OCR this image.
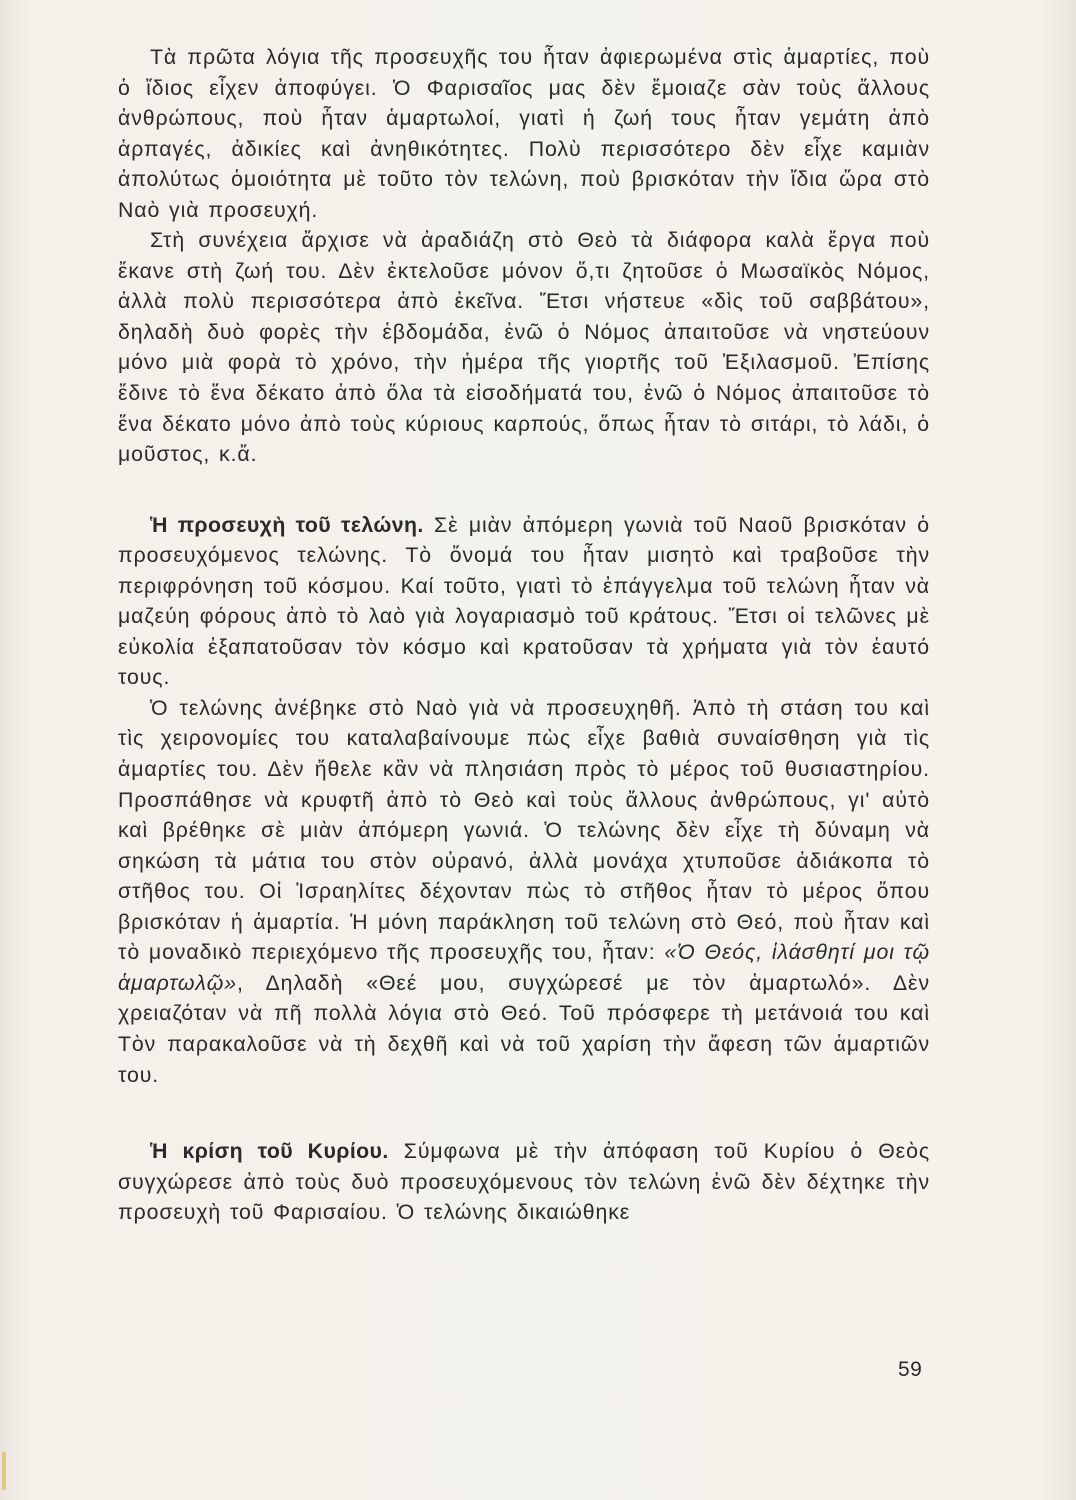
Τὰ πρῶτα λόγια τῆς προσευχῆς του ἦταν ἀφιερωμένα στὶς ἁμαρτίες, ποὺ ὁ ἴδιος εἶχεν ἀποφύγει. Ὁ Φαρισαῖος μας δὲν ἔμοιαζε σὰν τοὺς ἄλλους ἀνθρώπους, ποὺ ἦταν ἁμαρτωλοί, γιατὶ ἡ ζωή τους ἦταν γεμάτη ἀπὸ ἁρπαγές, ἀδικίες καὶ ἀνηθικότητες. Πολὺ περισσότερο δὲν εἶχε καμιὰν ἀπολύτως ὁμοιότητα μὲ τοῦτο τὸν τελώνη, ποὺ βρισκόταν τὴν ἴδια ὥρα στὸ Ναὸ γιὰ προσευχή.

Στὴ συνέχεια ἄρχισε νὰ ἀραδιάζη στὸ Θεὸ τὰ διάφορα καλὰ ἔργα ποὺ ἔκανε στὴ ζωή του. Δὲν ἐκτελοῦσε μόνον ὅ,τι ζητοῦσε ὁ Μωσαϊκὸς Νόμος, ἀλλὰ πολὺ περισσότερα ἀπὸ ἐκεῖνα. Ἔτσι νήστευε «δὶς τοῦ σαββάτου», δηλαδὴ δυὸ φορὲς τὴν ἑβδομάδα, ἐνῶ ὁ Νόμος ἀπαιτοῦσε νὰ νηστεύουν μόνο μιὰ φορὰ τὸ χρόνο, τὴν ἡμέρα τῆς γιορτῆς τοῦ Ἐξιλασμοῦ. Ἐπίσης ἔδινε τὸ ἕνα δέκατο ἀπὸ ὅλα τὰ εἰσοδήματά του, ἐνῶ ὁ Νόμος ἀπαιτοῦσε τὸ ἕνα δέκατο μόνο ἀπὸ τοὺς κύριους καρπούς, ὅπως ἦταν τὸ σιτάρι, τὸ λάδι, ὁ μοῦστος, κ.ἄ.

Ἡ προσευχὴ τοῦ τελώνη. Σὲ μιὰν ἀπόμερη γωνιὰ τοῦ Ναοῦ βρισκόταν ὁ προσευχόμενος τελώνης. Τὸ ὄνομά του ἦταν μισητὸ καὶ τραβοῦσε τὴν περιφρόνηση τοῦ κόσμου. Καί τοῦτο, γιατὶ τὸ ἐπάγγελμα τοῦ τελώνη ἦταν νὰ μαζεύη φόρους ἀπὸ τὸ λαὸ γιὰ λογαριασμὸ τοῦ κράτους. Ἔτσι οἱ τελῶνες μὲ εὐκολία ἐξαπατοῦσαν τὸν κόσμο καὶ κρατοῦσαν τὰ χρήματα γιὰ τὸν ἑαυτό τους.

Ὁ τελώνης ἀνέβηκε στὸ Ναὸ γιὰ νὰ προσευχηθῆ. Ἀπὸ τὴ στάση του καὶ τὶς χειρονομίες του καταλαβαίνουμε πὼς εἶχε βαθιὰ συναίσθηση γιὰ τὶς ἁμαρτίες του. Δὲν ἤθελε κἂν νὰ πλησιάση πρὸς τὸ μέρος τοῦ θυσιαστηρίου. Προσπάθησε νὰ κρυφτῆ ἀπὸ τὸ Θεὸ καὶ τοὺς ἄλλους ἀνθρώπους, γι' αὐτὸ καὶ βρέθηκε σὲ μιὰν ἀπόμερη γωνιά. Ὁ τελώνης δὲν εἶχε τὴ δύναμη νὰ σηκώση τὰ μάτια του στὸν οὐρανό, ἀλλὰ μονάχα χτυποῦσε ἀδιάκοπα τὸ στῆθος του. Οἱ Ἰσραηλίτες δέχονταν πὼς τὸ στῆθος ἦταν τὸ μέρος ὅπου βρισκόταν ἡ ἁμαρτία. Ἡ μόνη παράκληση τοῦ τελώνη στὸ Θεό, ποὺ ἦταν καὶ τὸ μοναδικὸ περιεχόμενο τῆς προσευχῆς του, ἦταν: «Ὁ Θεός, ἱλάσθητί μοι τῷ ἁμαρτωλῷ», Δηλαδὴ «Θεέ μου, συγχώρεσέ με τὸν ἁμαρτωλό». Δὲν χρειαζόταν νὰ πῆ πολλὰ λόγια στὸ Θεό. Τοῦ πρόσφερε τὴ μετάνοιά του καὶ Τὸν παρακαλοῦσε νὰ τὴ δεχθῆ καὶ νὰ τοῦ χαρίση τὴν ἄφεση τῶν ἁμαρτιῶν του.

Ἡ κρίση τοῦ Κυρίου. Σύμφωνα μὲ τὴν ἀπόφαση τοῦ Κυρίου ὁ Θεὸς συγχώρεσε ἀπὸ τοὺς δυὸ προσευχόμενους τὸν τελώνη ἐνῶ δὲν δέχτηκε τὴν προσευχὴ τοῦ Φαρισαίου. Ὁ τελώνης δικαιώθηκε

59
